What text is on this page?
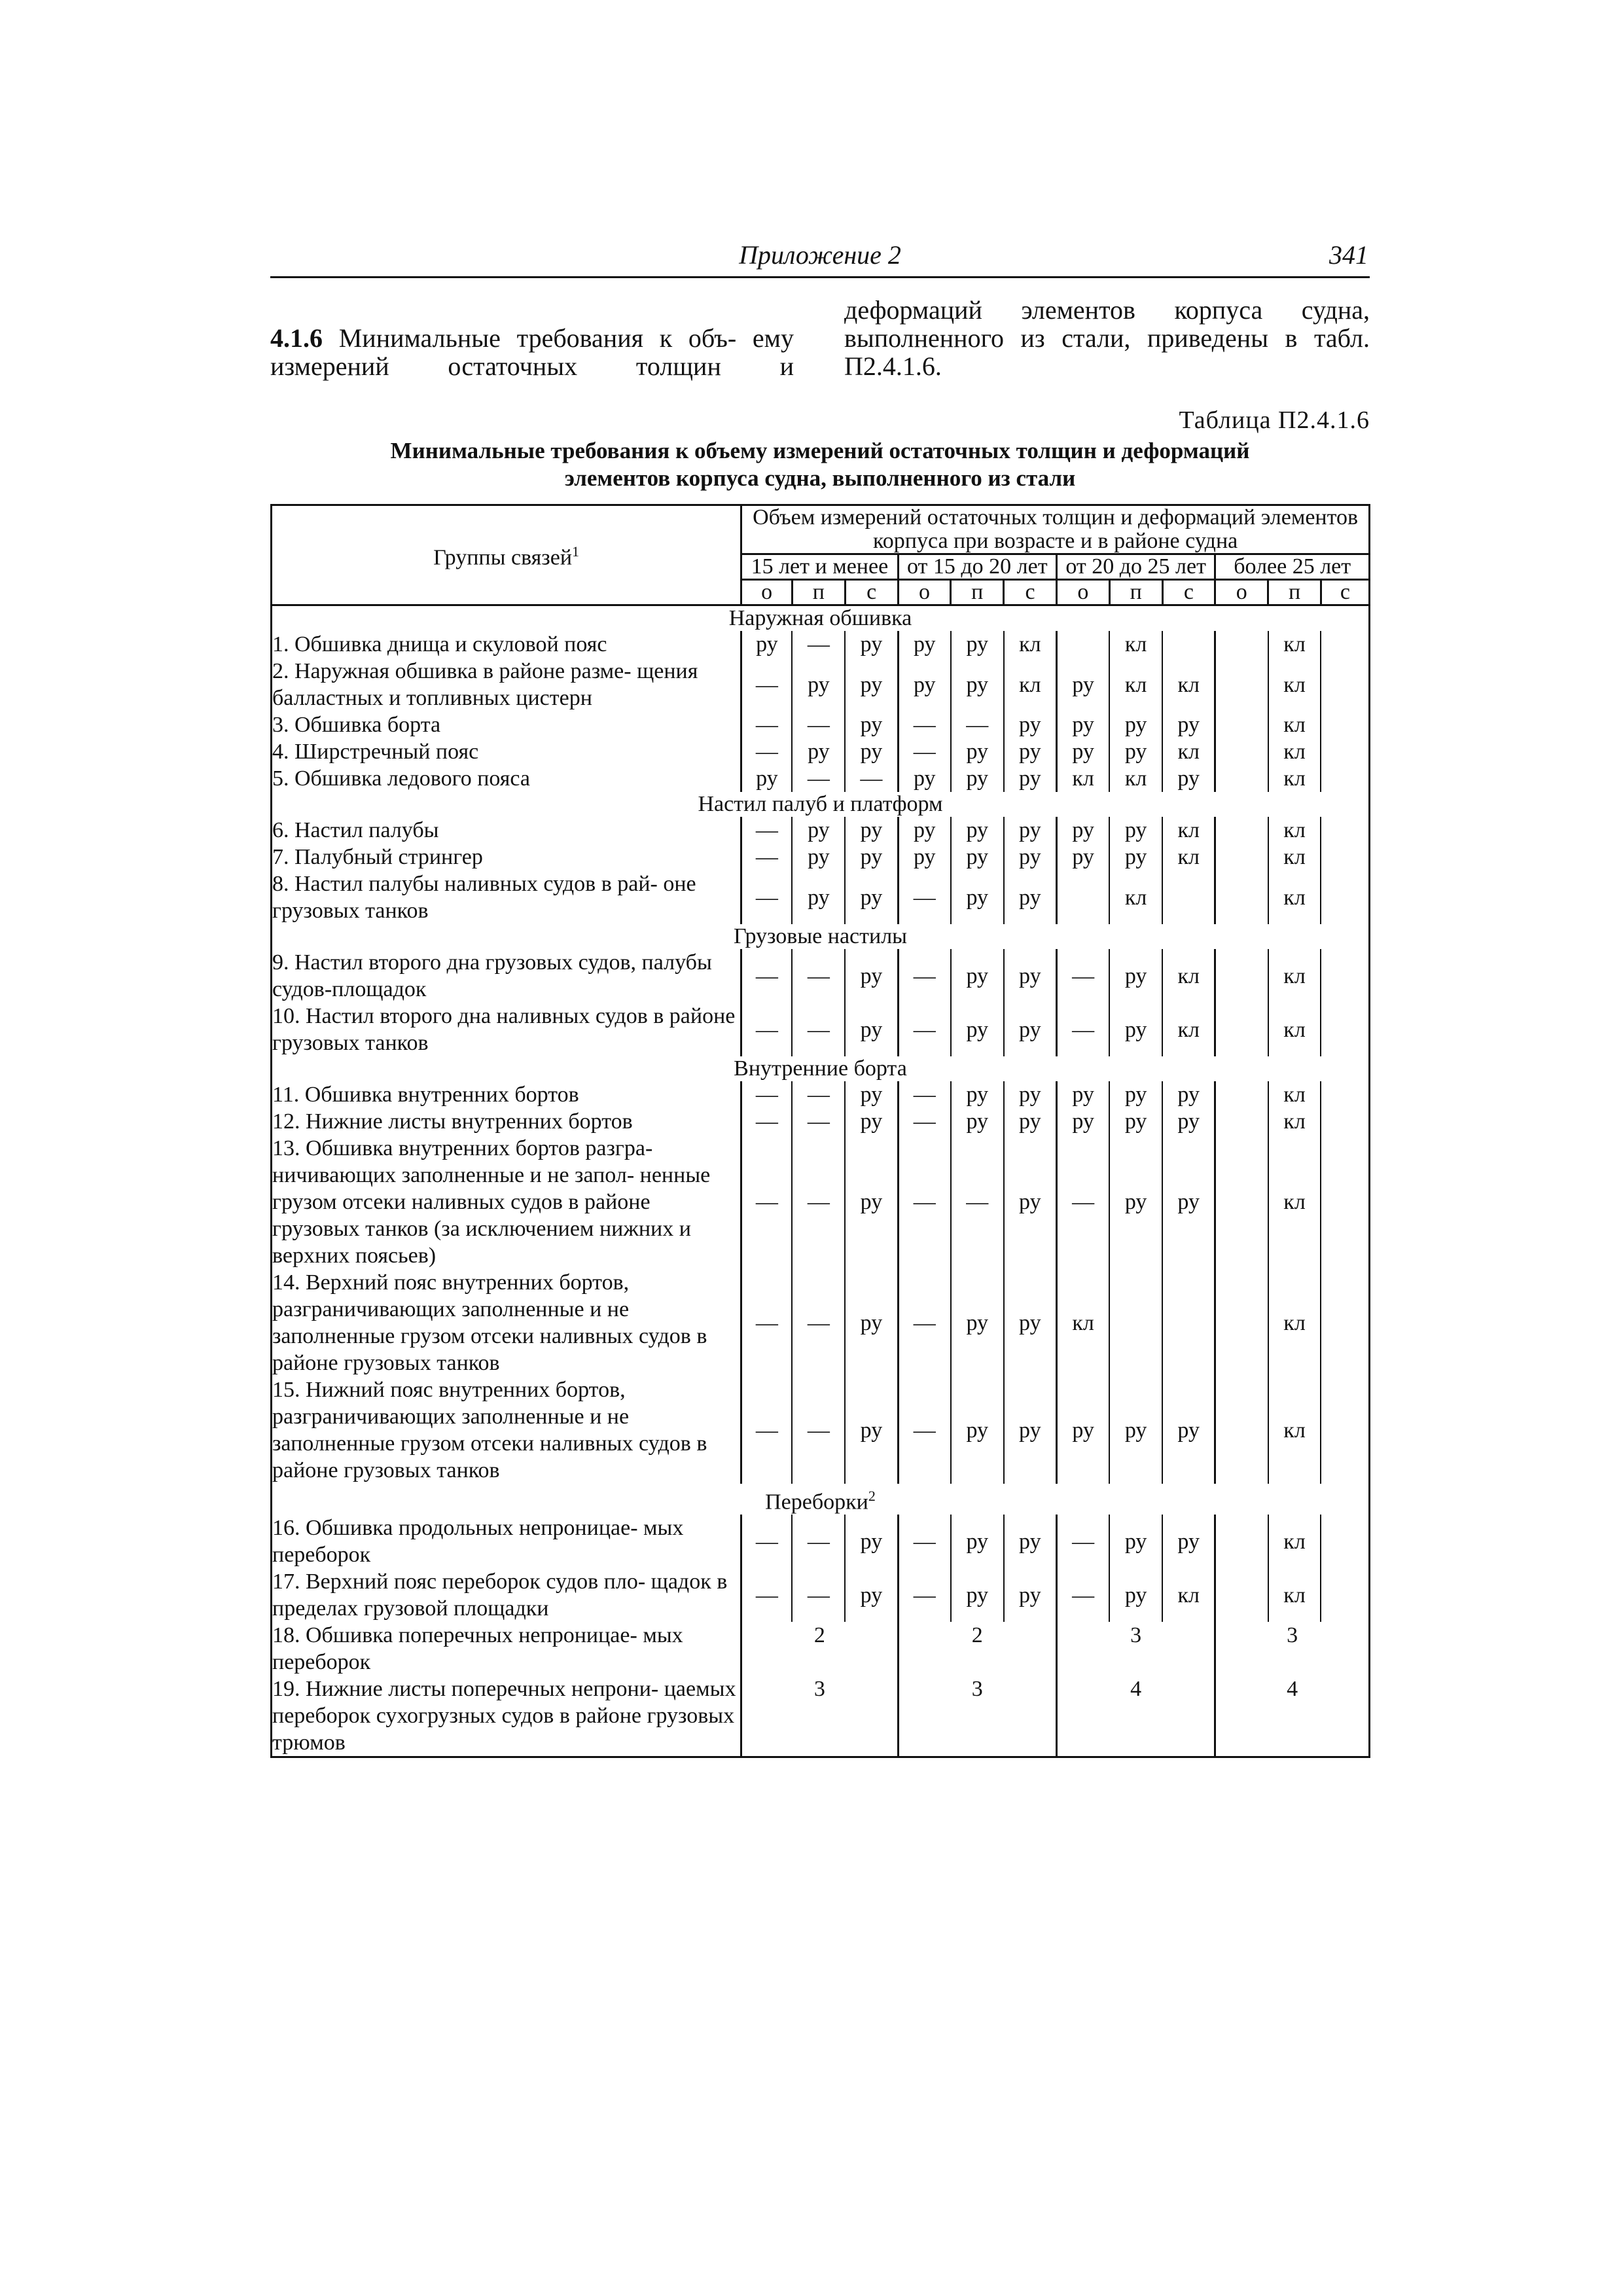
Приложение 2	341
4.1.6 Минимальные требования к объ- ему измерений остаточных толщин и
деформаций элементов корпуса судна, выполненного из стали, приведены в табл. П2.4.1.6.
Таблица П2.4.1.6
Минимальные требования к объему измерений остаточных толщин и деформаций
элементов корпуса судна, выполненного из стали
Группы связей$^1$	Объем измерений остаточных толщин и деформаций элементов корпуса при возрасте и в районе судна											
	15 лет и менее			от 15 до 20 лет			от 20 до 25 лет			более 25 лет		
	о	п	с	о	п	с	о	п	с	о	п	с
Наружная обшивка												
1. Обшивка днища и скуловой пояс	ру	—	ру	ру	ру	кл		кл			кл	
2. Наружная обшивка в районе разме- щения балластных и топливных цистерн	—	ру	ру	ру	ру	кл	ру	кл	кл		кл	
3. Обшивка борта	—	—	ру	—	—	ру	ру	ру	ру		кл	
4. Ширстречный пояс	—	ру	ру	—	ру	ру	ру	ру	кл		кл	
5. Обшивка ледового пояса	ру	—	—	ру	ру	ру	кл	кл	ру		кл	
Настил палуб и платформ												
6. Настил палубы	—	ру	ру	ру	ру	ру	ру	ру	кл		кл	
7. Палубный стрингер	—	ру	ру	ру	ру	ру	ру	ру	кл		кл	
8. Настил палубы наливных судов в рай- оне грузовых танков	—	ру	ру	—	ру	ру		кл			кл	
Грузовые настилы												
9. Настил второго дна грузовых судов, палубы судов-площадок	—	—	ру	—	ру	ру	—	ру	кл		кл	
10. Настил второго дна наливных судов в районе грузовых танков	—	—	ру	—	ру	ру	—	ру	кл		кл	
Внутренние борта												
11. Обшивка внутренних бортов	—	—	ру	—	ру	ру	ру	ру	ру		кл	
12. Нижние листы внутренних бортов	—	—	ру	—	ру	ру	ру	ру	ру		кл	
13. Обшивка внутренних бортов разгра- ничивающих заполненные и не запол- ненные грузом отсеки наливных судов в районе грузовых танков (за исключением нижних и верхних поясьев)	—	—	ру	—	—	ру	—	ру	ру		кл	
14. Верхний пояс внутренних бортов, разграничивающих заполненные и не заполненные грузом отсеки наливных судов в районе грузовых танков	—	—	ру	—	ру	ру	кл				кл	
15. Нижний пояс внутренних бортов, разграничивающих заполненные и не заполненные грузом отсеки наливных судов в районе грузовых танков	—	—	ру	—	ру	ру	ру	ру	ру		кл	
Переборки$^2$
16. Обшивка продольных непроницае- мых переборок	—	—	ру	—	ру	ру	—	ру	ру		кл	
17. Верхний пояс переборок судов пло- щадок в пределах грузовой площадки	—	—	ру	—	ру	ру	—	ру	кл		кл	
18. Обшивка поперечных непроницае- мых переборок	2			2			3			3		
19. Нижние листы поперечных непрони- цаемых переборок сухогрузных судов в районе грузовых трюмов	3			3			4			4		
